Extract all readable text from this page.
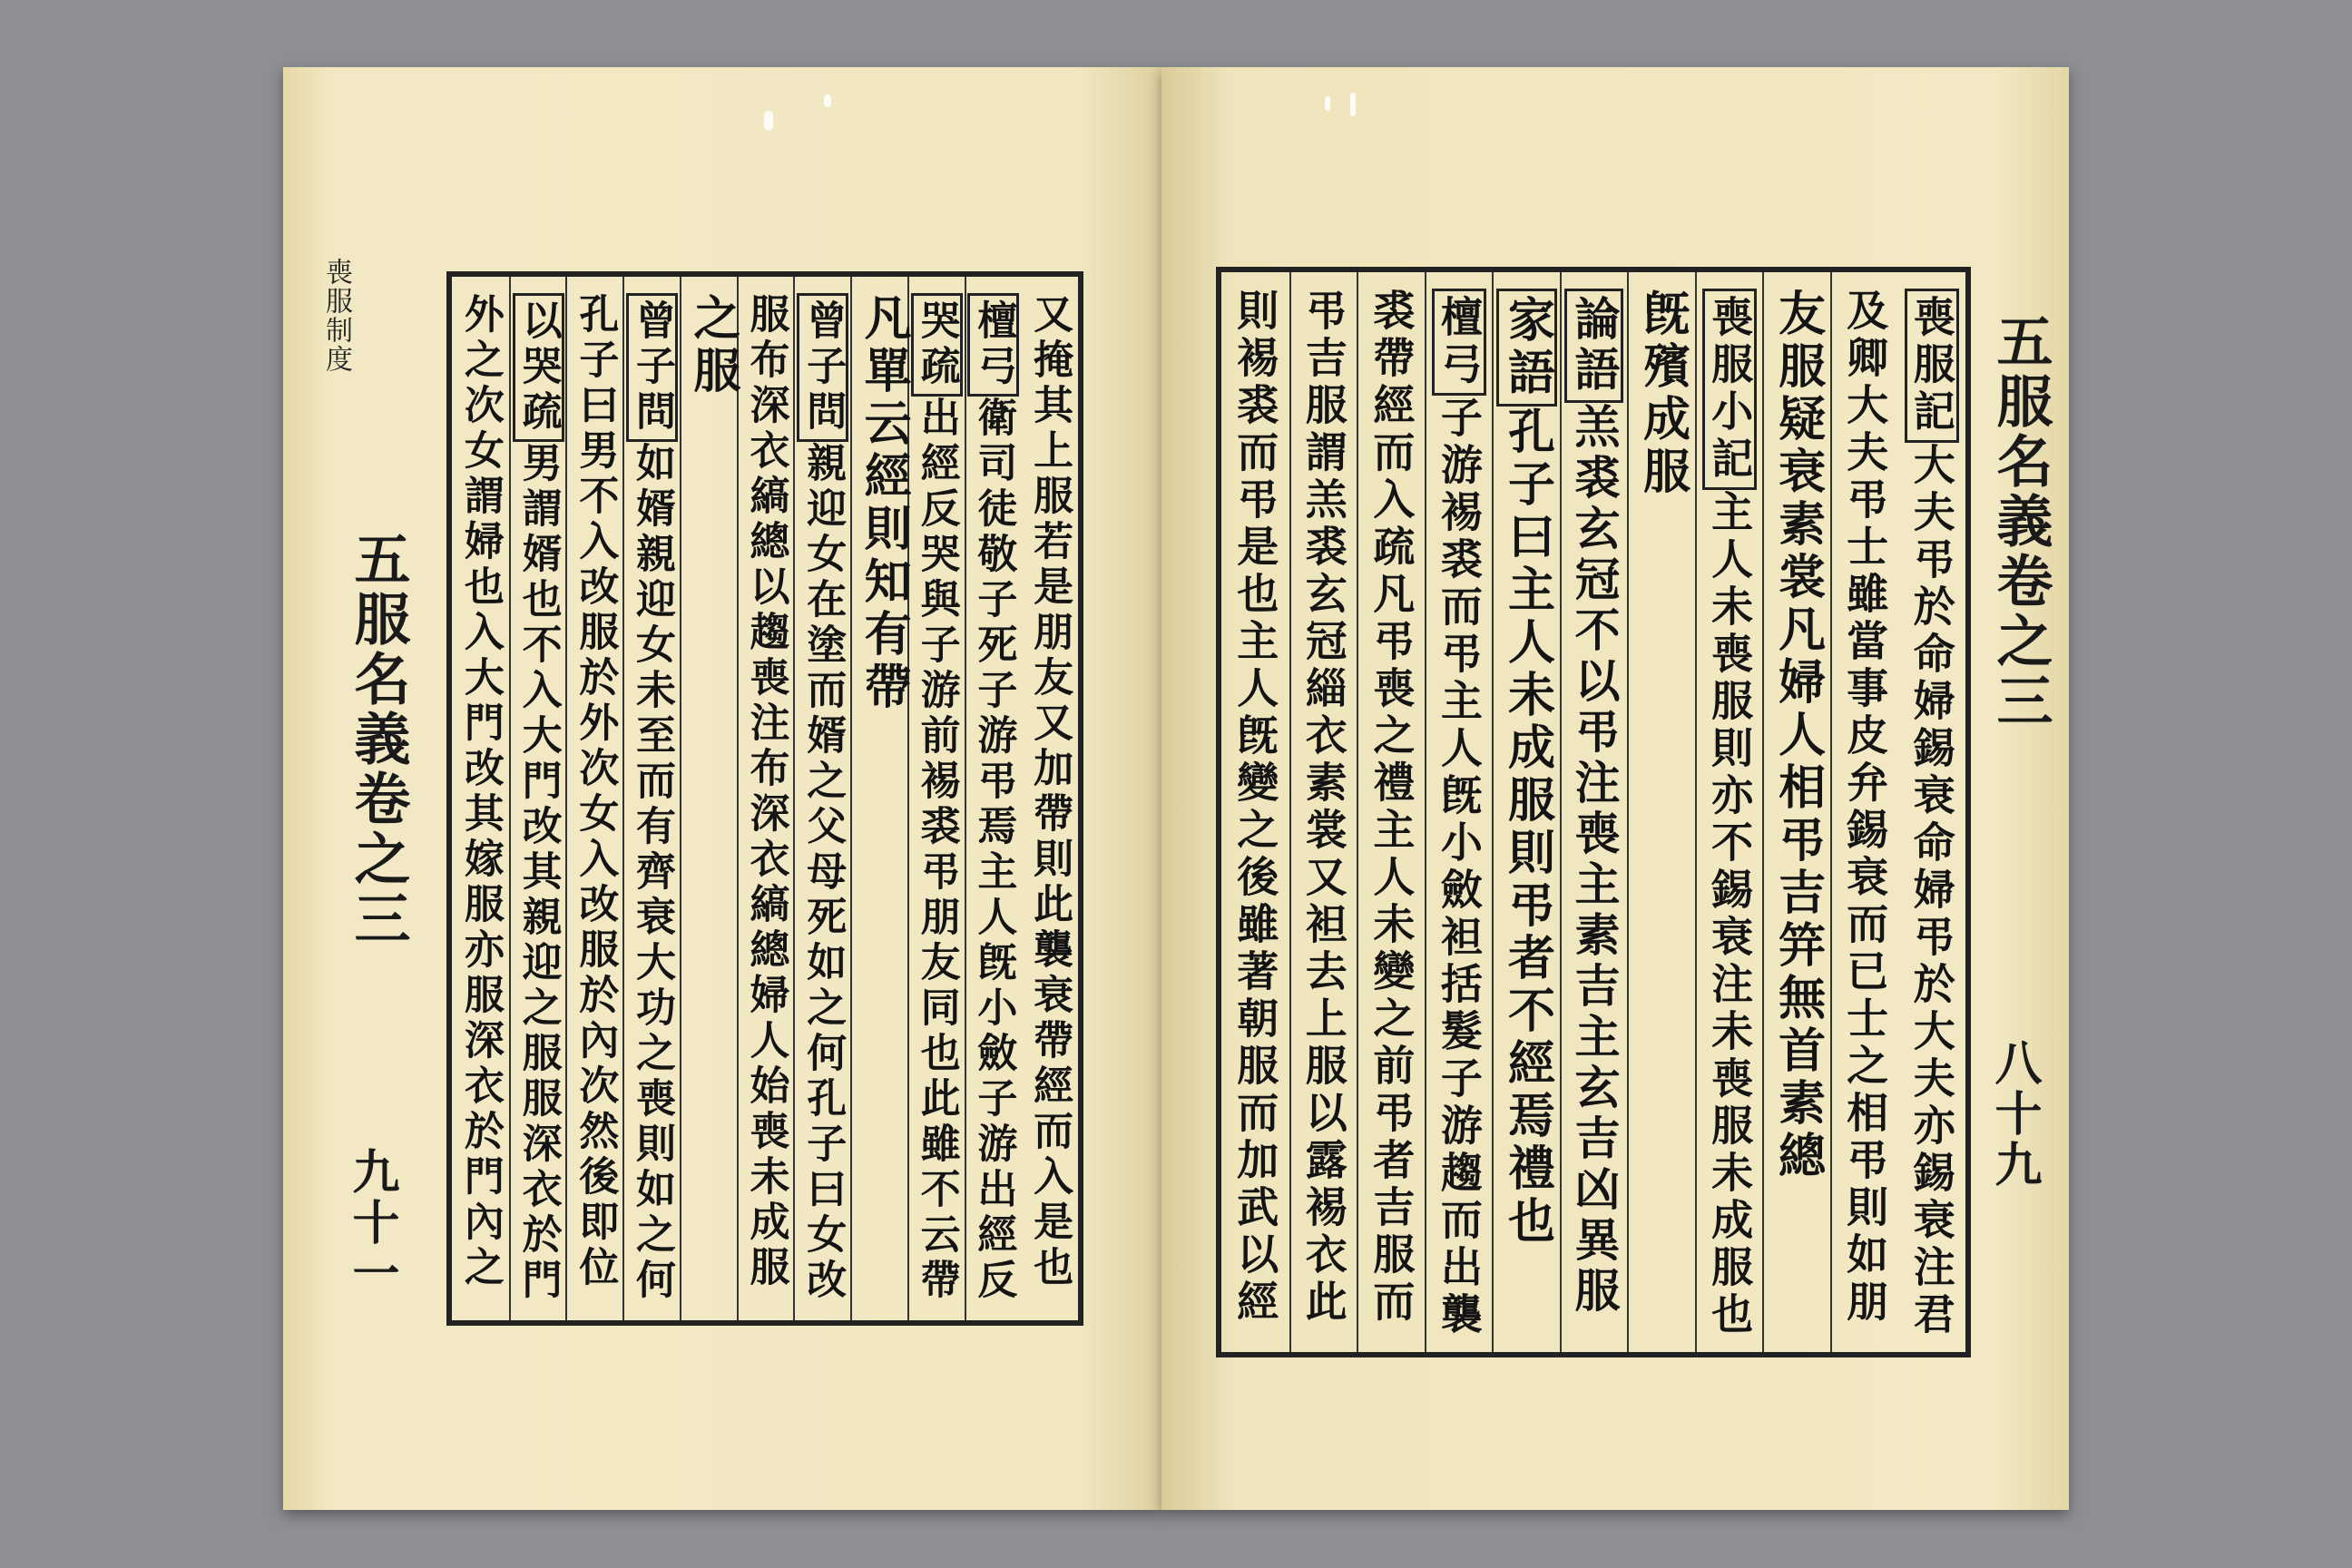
喪服制度
五服名義卷之三
九十一	又掩其上服若是朋友又加帶則此襲衰帶經而入是也
檀弓衛司徒敬子死子游弔焉主人旣小斂子游出經反
哭疏出經反哭與子游前裼裘弔朋友同也此雖不云帶
凡單云經則知有帶
曾子問親迎女在塗而婿之父母死如之何孔子曰女改
服布深衣縞總以趨喪注布深衣縞總婦人始喪未成服
之服
曾子問如婿親迎女未至而有齊衰大功之喪則如之何
孔子曰男不入改服於外次女入改服於內次然後即位
以哭疏男謂婿也不入大門改其親迎之服服深衣於門
外之次女謂婦也入大門改其嫁服亦服深衣於門內之	喪服記大夫弔於命婦錫衰命婦弔於大夫亦錫衰注君
及卿大夫弔士雖當事皮弁錫衰而已士之相弔則如朋
友服疑衰素裳凡婦人相弔吉笄無首素總
喪服小記主人未喪服則亦不錫衰注未喪服未成服也
旣殯成服
論語羔裘玄冠不以弔注喪主素吉主玄吉凶異服
家語孔子曰主人未成服則弔者不經焉禮也
檀弓子游裼裘而弔主人旣小斂袒括髮子游趨而出襲
裘帶經而入疏凡弔喪之禮主人未變之前弔者吉服而
弔吉服謂羔裘玄冠緇衣素裳又袒去上服以露裼衣此
則裼裘而弔是也主人旣變之後雖著朝服而加武以經	五服名義卷之三
八十九
